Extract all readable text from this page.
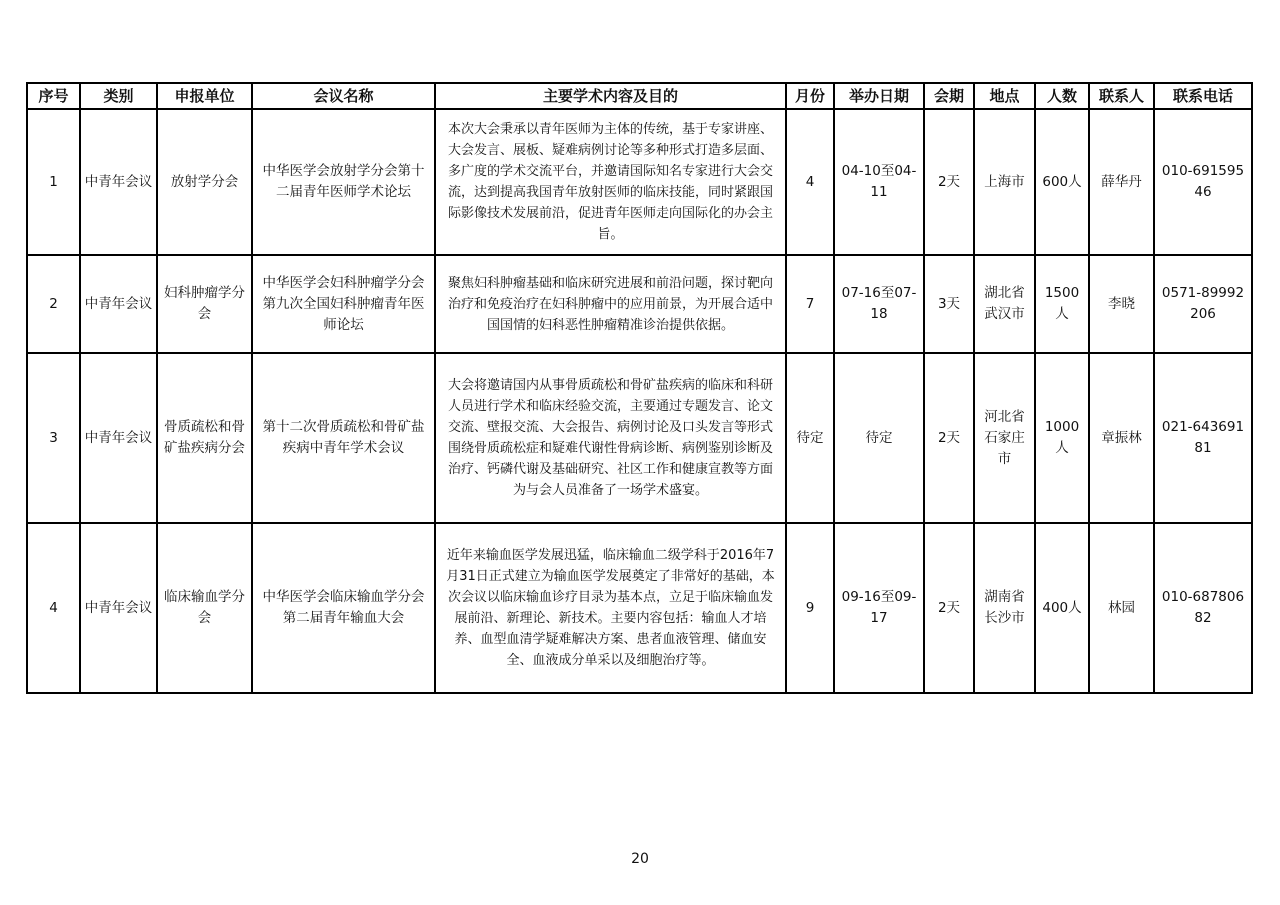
序号	类别	申报单位	会议名称	主要学术内容及目的	月份	举办日期	会期	地点	人数	联系人	联系电话
1	中青年会议	放射学分会	中华医学会放射学分会第十二届青年医师学术论坛	本次大会秉承以青年医师为主体的传统，基于专家讲座、大会发言、展板、疑难病例讨论等多种形式打造多层面、多广度的学术交流平台，并邀请国际知名专家进行大会交流，达到提高我国青年放射医师的临床技能，同时紧跟国际影像技术发展前沿，促进青年医师走向国际化的办会主旨。	4	04-10至04-11	2天	上海市	600人	薛华丹	010-69159546
2	中青年会议	妇科肿瘤学分会	中华医学会妇科肿瘤学分会第九次全国妇科肿瘤青年医师论坛	聚焦妇科肿瘤基础和临床研究进展和前沿问题，探讨靶向治疗和免疫治疗在妇科肿瘤中的应用前景，为开展合适中国国情的妇科恶性肿瘤精准诊治提供依据。	7	07-16至07-18	3天	湖北省武汉市	1500人	李晓	0571-89992206
3	中青年会议	骨质疏松和骨矿盐疾病分会	第十二次骨质疏松和骨矿盐疾病中青年学术会议	大会将邀请国内从事骨质疏松和骨矿盐疾病的临床和科研人员进行学术和临床经验交流，主要通过专题发言、论文交流、壁报交流、大会报告、病例讨论及口头发言等形式围绕骨质疏松症和疑难代谢性骨病诊断、病例鉴别诊断及治疗、钙磷代谢及基础研究、社区工作和健康宣教等方面为与会人员准备了一场学术盛宴。	待定	待定	2天	河北省石家庄市	1000人	章振林	021-64369181
4	中青年会议	临床输血学分会	中华医学会临床输血学分会第二届青年输血大会	近年来输血医学发展迅猛，临床输血二级学科于2016年7月31日正式建立为输血医学发展奠定了非常好的基础，本次会议以临床输血诊疗目录为基本点，立足于临床输血发展前沿、新理论、新技术。主要内容包括：输血人才培养、血型血清学疑难解决方案、患者血液管理、储血安全、血液成分单采以及细胞治疗等。	9	09-16至09-17	2天	湖南省长沙市	400人	林园	010-68780682
20
